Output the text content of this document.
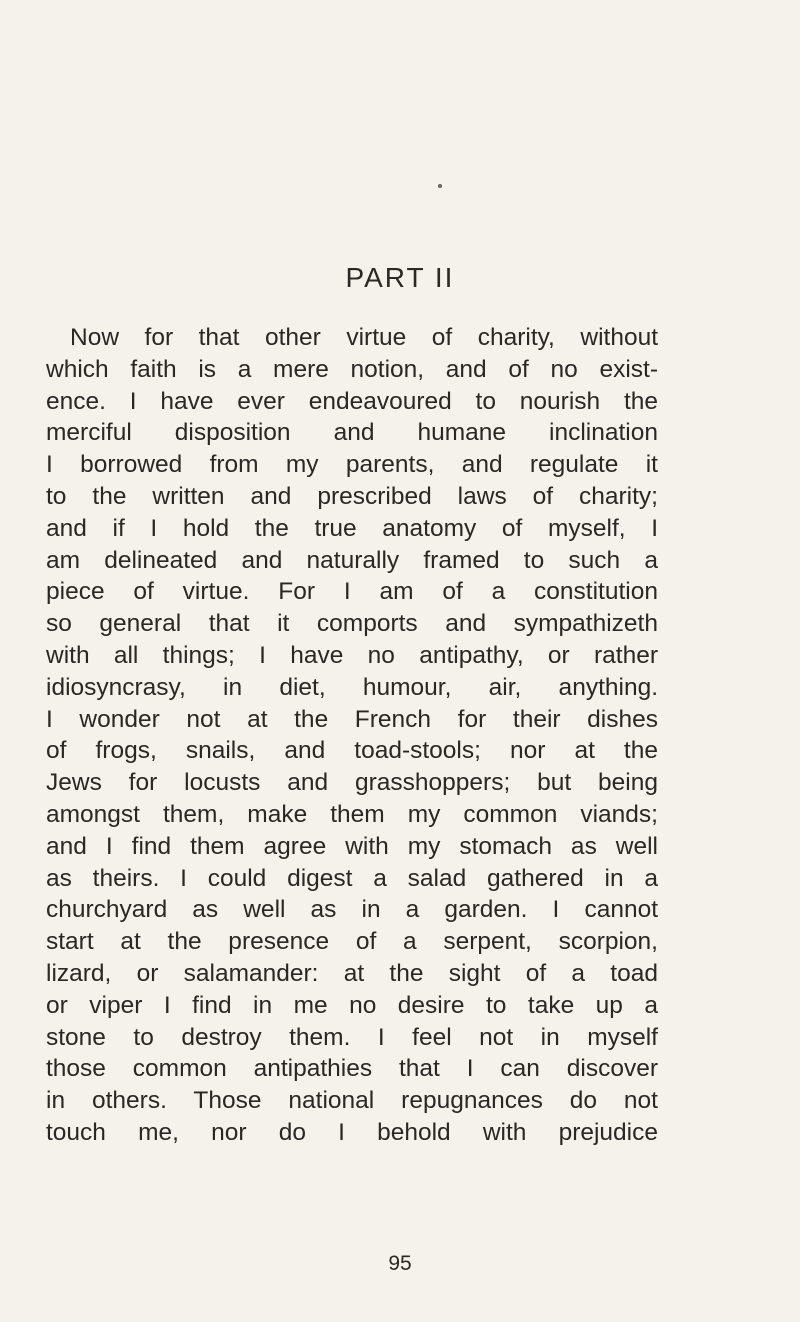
PART II
Now for that other virtue of charity, without
which faith is a mere notion, and of no exist-
ence. I have ever endeavoured to nourish the
merciful disposition and humane inclination
I borrowed from my parents, and regulate it
to the written and prescribed laws of charity;
and if I hold the true anatomy of myself, I
am delineated and naturally framed to such a
piece of virtue. For I am of a constitution
so general that it comports and sympathizeth
with all things; I have no antipathy, or rather
idiosyncrasy, in diet, humour, air, anything.
I wonder not at the French for their dishes
of frogs, snails, and toad-stools; nor at the
Jews for locusts and grasshoppers; but being
amongst them, make them my common viands;
and I find them agree with my stomach as well
as theirs. I could digest a salad gathered in a
churchyard as well as in a garden. I cannot
start at the presence of a serpent, scorpion,
lizard, or salamander: at the sight of a toad
or viper I find in me no desire to take up a
stone to destroy them. I feel not in myself
those common antipathies that I can discover
in others. Those national repugnances do not
touch me, nor do I behold with prejudice
95
